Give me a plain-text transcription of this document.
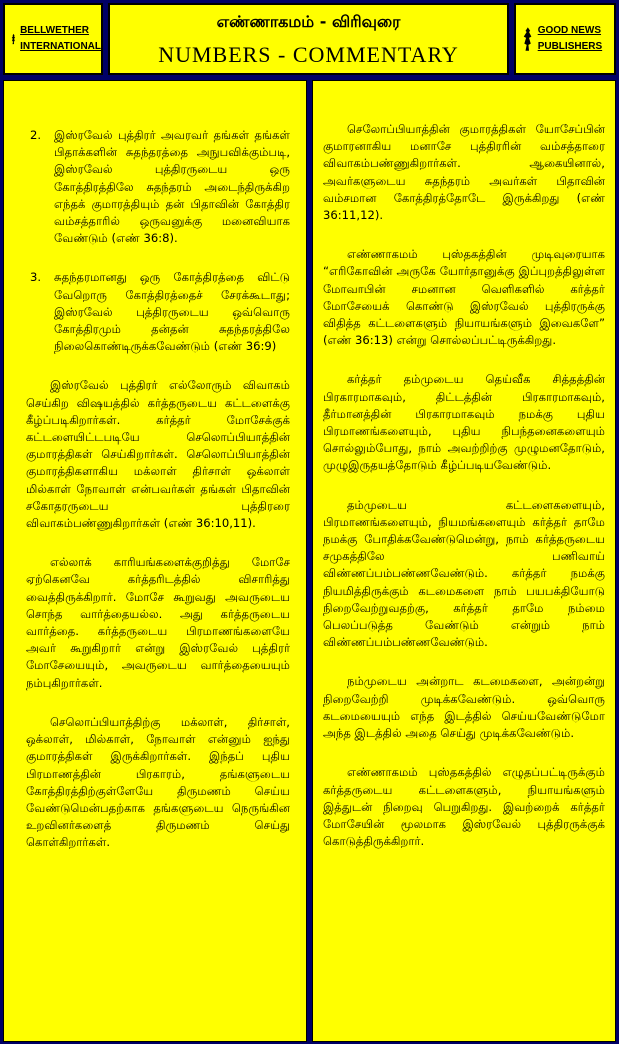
BELLWETHER INTERNATIONAL
எண்ணாகமம் - விரிவுரை
NUMBERS - COMMENTARY
GOOD NEWS PUBLISHERS
2.	இஸ்ரவேல் புத்திரர் அவரவர் தங்கள் தங்கள் பிதாக்களின் சுதந்தரத்தை அநுபவிக்கும்படி, இஸ்ரவேல் புத்திரருடைய ஒரு கோத்திரத்திலே சுதந்தரம் அடைந்திருக்கிற எந்தக் குமாரத்தியும் தன் பிதாவின் கோத்திர வம்சத்தாரில் ஒருவனுக்கு மனைவியாக வேண்டும் (எண் 36:8).
3.	சுதந்தரமானது ஒரு கோத்திரத்தை விட்டு வேறொரு கோத்திரத்தைச் சேரக்கூடாது; இஸ்ரவேல் புத்திரருடைய ஒவ்வொரு கோத்திரமும் தன்தன் சுதந்தரத்திலே நிலைகொண்டிருக்கவேண்டும் (எண் 36:9)

இஸ்ரவேல் புத்திரர் எல்லோரும் விவாகம் செய்கிற விஷயத்தில் கர்த்தருடைய கட்டளைக்கு கீழ்ப்படிகிறார்கள். கர்த்தர் மோசேக்குக் கட்டளையிட்டபடியே செலொப்பியாத்தின் குமாரத்திகள் செய்கிறார்கள். செலொப்பியாத்தின் குமாரத்திகளாகிய மக்லாள் திர்சாள் ஒக்லாள் மில்காள் நோவாள் என்பவர்கள் தங்கள் பிதாவின் சகோதரருடைய புத்திரரை விவாகம்பண்ணுகிறார்கள் (எண் 36:10,11).

எல்லாக் காரியங்களைக்குறித்து மோசே ஏற்கெனவே கர்த்தரிடத்தில் விசாரித்து வைத்திருக்கிறார். மோசே கூறுவது அவருடைய சொந்த வார்த்தையல்ல. அது கர்த்தருடைய வார்த்தை. கர்த்தருடைய பிரமாணங்களையே அவர் கூறுகிறார் என்று இஸ்ரவேல் புத்திரர் மோசேயையும், அவருடைய வார்த்தையையும் நம்புகிறார்கள்.

செலொப்பியாத்திற்கு மக்லாள், திர்சாள், ஒக்லாள், மில்காள், நோவாள் என்னும் ஐந்து குமாரத்திகள் இருக்கிறார்கள். இந்தப் புதிய பிரமாணத்தின் பிரகாரம், தங்களுடைய கோத்திரத்திற்குள்ளேயே திருமணம் செய்ய வேண்டுமென்பதற்காக தங்களுடைய நெருங்கின உறவினர்களைத் திருமணம் செய்து கொள்கிறார்கள்.

செலோப்பியாத்தின் குமாரத்திகள் யோசேப்பின் குமாரனாகிய மனாசே புத்திரரின் வம்சத்தாரை விவாகம்பண்ணுகிறார்கள். ஆகையினால், அவர்களுடைய சுதந்தரம் அவர்கள் பிதாவின் வம்சமான கோத்திரத்தோடே இருக்கிறது (எண் 36:11,12).

எண்ணாகமம் புஸ்தகத்தின் முடிவுரையாக “எரிகோவின் அருகே யோர்தானுக்கு இப்புறத்திலுள்ள மோவாபின் சமனான வெளிகளில் கர்த்தர் மோசேயைக் கொண்டு இஸ்ரவேல் புத்திரருக்கு விதித்த கட்டளைகளும் நியாயங்களும் இவைகளே” (எண் 36:13) என்று சொல்லப்பட்டிருக்கிறது.

கர்த்தர் தம்முடைய தெய்வீக சித்தத்தின் பிரகாரமாகவும், திட்டத்தின் பிரகாரமாகவும், தீர்மானத்தின் பிரகாரமாகவும் நமக்கு புதிய பிரமாணங்களையும், புதிய நிபந்தனைகளையும் சொல்லும்போது, நாம் அவற்றிற்கு முழுமனதோடும், முழுஇருதயத்தோடும் கீழ்ப்படியவேண்டும்.

தம்முடைய கட்டளைகளையும், பிரமாணங்களையும், நியமங்களையும் கர்த்தர் தாமே நமக்கு போதிக்கவேண்டுமென்று, நாம் கர்த்தருடைய சமுகத்திலே பணிவாய் விண்ணப்பம்பண்ணவேண்டும். கர்த்தர் நமக்கு நியமித்திருக்கும் கடமைகளை நாம் பயபக்தியோடு நிறைவேற்றுவதற்கு, கர்த்தர் தாமே நம்மை பெலப்படுத்த வேண்டும் என்றும் நாம் விண்ணப்பம்பண்ணவேண்டும்.

நம்முடைய அன்றாட கடமைகளை, அன்றன்று நிறைவேற்றி முடிக்கவேண்டும். ஒவ்வொரு கடமையையும் எந்த இடத்தில் செய்யவேண்டுமோ அந்த இடத்தில் அதை செய்து முடிக்கவேண்டும்.

எண்ணாகமம் புஸ்தகத்தில் எழுதப்பட்டிருக்கும் கர்த்தருடைய கட்டளைகளும், நியாயங்களும் இத்துடன் நிறைவு பெறுகிறது. இவற்றைக் கர்த்தர் மோசேயின் மூலமாக இஸ்ரவேல் புத்திரருக்குக் கொடுத்திருக்கிறார்.
